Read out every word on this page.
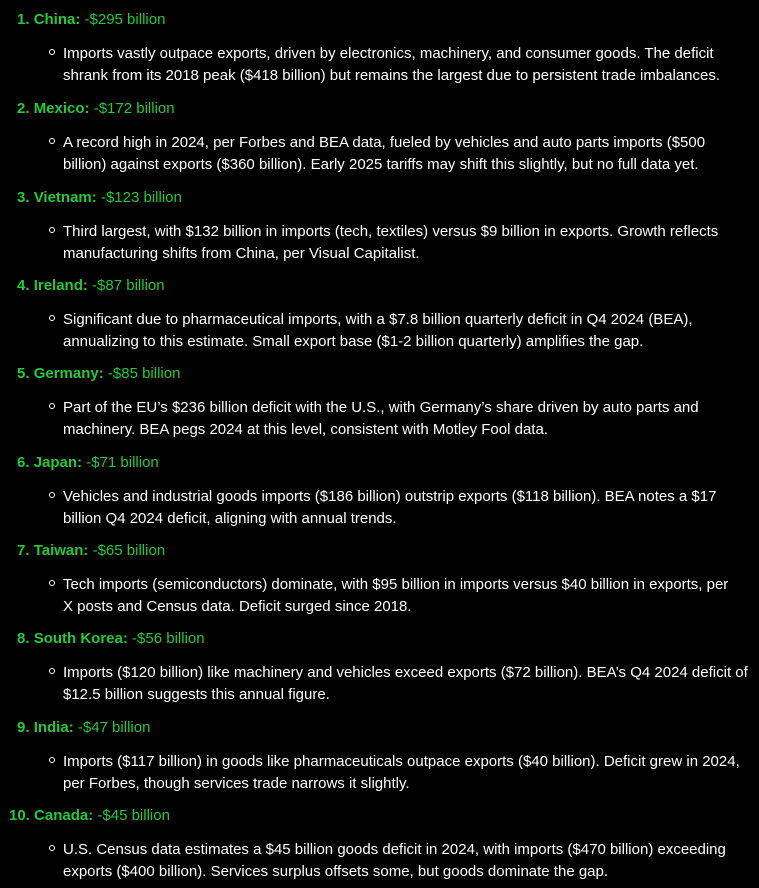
1. China: -$295 billion
Imports vastly outpace exports, driven by electronics, machinery, and consumer goods. The deficit
shrank from its 2018 peak ($418 billion) but remains the largest due to persistent trade imbalances.
2. Mexico: -$172 billion
A record high in 2024, per Forbes and BEA data, fueled by vehicles and auto parts imports ($500
billion) against exports ($360 billion). Early 2025 tariffs may shift this slightly, but no full data yet.
3. Vietnam: -$123 billion
Third largest, with $132 billion in imports (tech, textiles) versus $9 billion in exports. Growth reflects
manufacturing shifts from China, per Visual Capitalist.
4. Ireland: -$87 billion
Significant due to pharmaceutical imports, with a $7.8 billion quarterly deficit in Q4 2024 (BEA),
annualizing to this estimate. Small export base ($1-2 billion quarterly) amplifies the gap.
5. Germany: -$85 billion
Part of the EU’s $236 billion deficit with the U.S., with Germany’s share driven by auto parts and
machinery. BEA pegs 2024 at this level, consistent with Motley Fool data.
6. Japan: -$71 billion
Vehicles and industrial goods imports ($186 billion) outstrip exports ($118 billion). BEA notes a $17
billion Q4 2024 deficit, aligning with annual trends.
7. Taiwan: -$65 billion
Tech imports (semiconductors) dominate, with $95 billion in imports versus $40 billion in exports, per
X posts and Census data. Deficit surged since 2018.
8. South Korea: -$56 billion
Imports ($120 billion) like machinery and vehicles exceed exports ($72 billion). BEA’s Q4 2024 deficit of
$12.5 billion suggests this annual figure.
9. India: -$47 billion
Imports ($117 billion) in goods like pharmaceuticals outpace exports ($40 billion). Deficit grew in 2024,
per Forbes, though services trade narrows it slightly.
10. Canada: -$45 billion
U.S. Census data estimates a $45 billion goods deficit in 2024, with imports ($470 billion) exceeding
exports ($400 billion). Services surplus offsets some, but goods dominate the gap.
